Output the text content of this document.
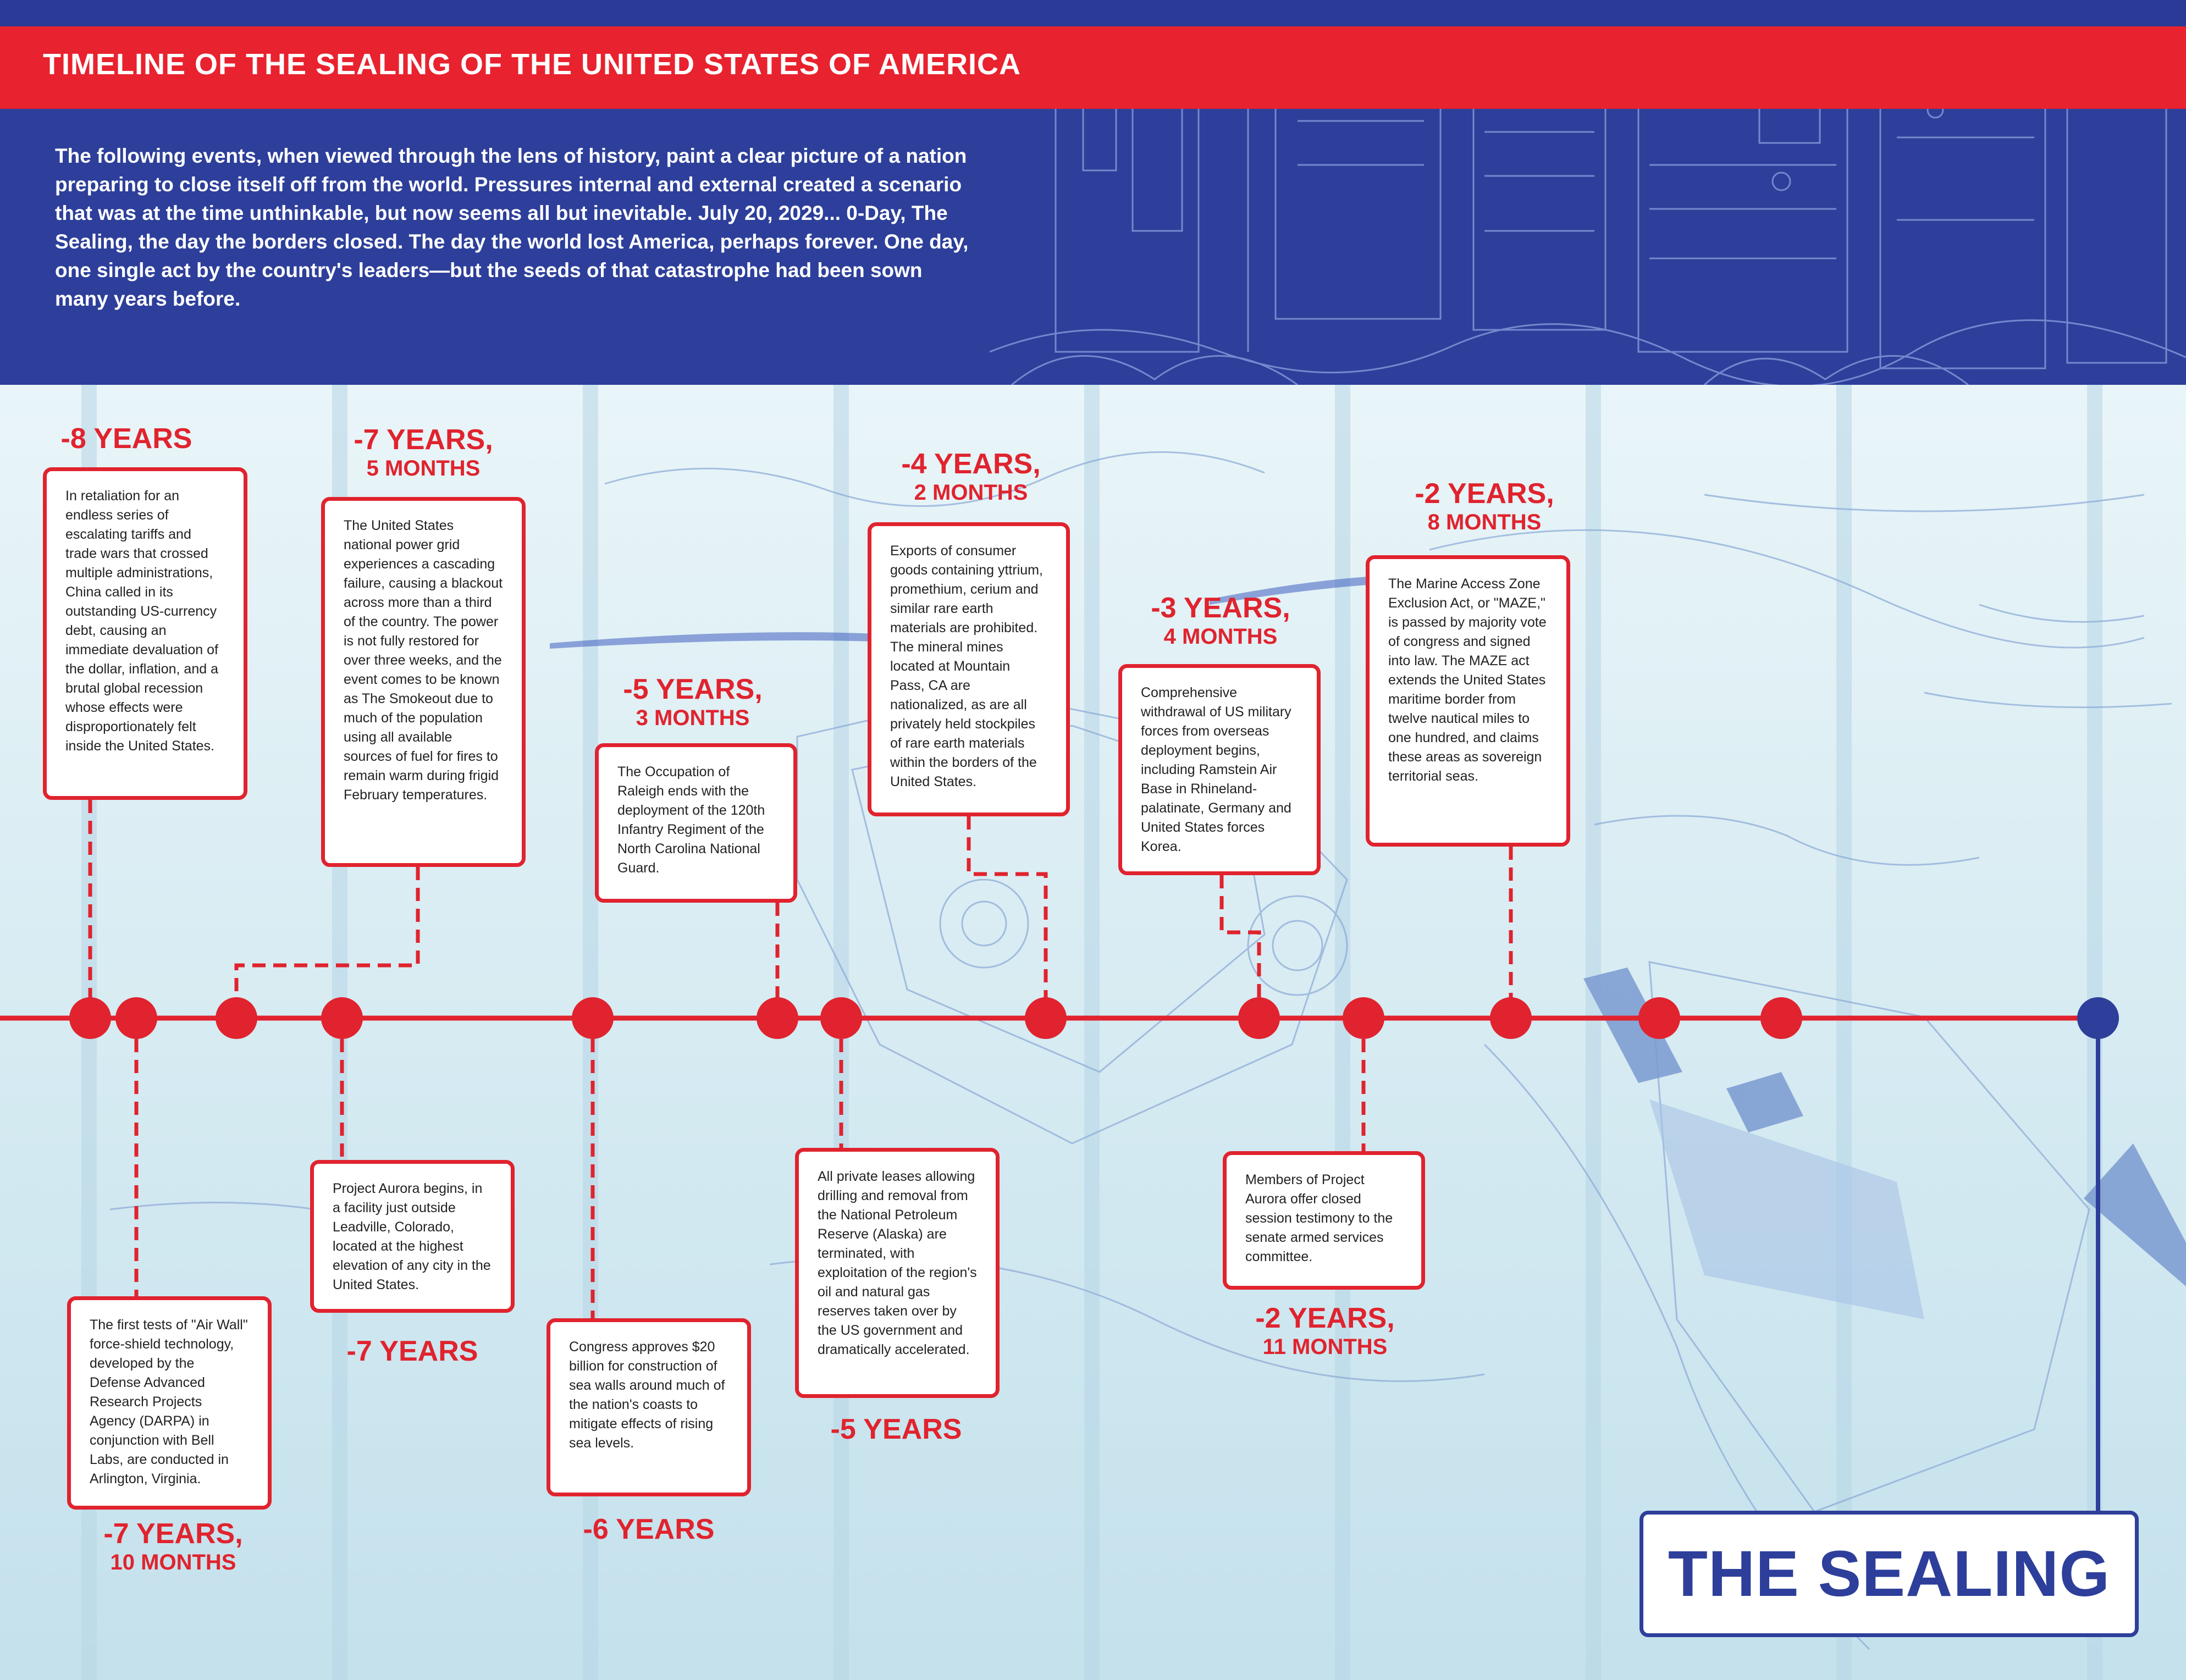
TIMELINE OF THE SEALING OF THE UNITED STATES OF AMERICA
The following events, when viewed through the lens of history, paint a clear picture of a nation preparing to close itself off from the world. Pressures internal and external created a scenario that was at the time unthinkable, but now seems all but inevitable. July 20, 2029... 0-Day, The Sealing, the day the borders closed. The day the world lost America, perhaps forever. One day, one single act by the country's leaders—but the seeds of that catastrophe had been sown many years before.
-8 YEARS
In retaliation for an endless series of escalating tariffs and trade wars that crossed multiple administrations, China called in its outstanding US-currency debt, causing an immediate devaluation of the dollar, inflation, and a brutal global recession whose effects were disproportionately felt inside the United States.
The first tests of "Air Wall" force-shield technology, developed by the Defense Advanced Research Projects Agency (DARPA) in conjunction with Bell Labs, are conducted in Arlington, Virginia.
-7 YEARS,
10 MONTHS
-7 YEARS,
5 MONTHS
The United States national power grid experiences a cascading failure, causing a blackout across more than a third of the country. The power is not fully restored for over three weeks, and the event comes to be known as The Smokeout due to much of the population using all available sources of fuel for fires to remain warm during frigid February temperatures.
Project Aurora begins, in a facility just outside Leadville, Colorado, located at the highest elevation of any city in the United States.
-7 YEARS	Congress approves $20 billion for construction of sea walls around much of the nation's coasts to mitigate effects of rising sea levels.
-6 YEARS
-5 YEARS,
3 MONTHS
The Occupation of Raleigh ends with the deployment of the 120th Infantry Regiment of the North Carolina National Guard.
All private leases allowing drilling and removal from the National Petroleum Reserve (Alaska) are terminated, with exploitation of the region's oil and natural gas reserves taken over by the US government and dramatically accelerated.
-5 YEARS
-4 YEARS,
2 MONTHS
Exports of consumer goods containing yttrium, promethium, cerium and similar rare earth materials are prohibited. The mineral mines located at Mountain Pass, CA are nationalized, as are all privately held stockpiles of rare earth materials within the borders of the United States.
-3 YEARS,
4 MONTHS
Comprehensive withdrawal of US military forces from overseas deployment begins, including Ramstein Air Base in Rhineland-palatinate, Germany and United States forces Korea.
Members of Project Aurora offer closed session testimony to the senate armed services committee.
-2 YEARS,
11 MONTHS
-2 YEARS,
8 MONTHS
The Marine Access Zone Exclusion Act, or "MAZE," is passed by majority vote of congress and signed into law. The MAZE act extends the United States maritime border from twelve nautical miles to one hundred, and claims these areas as sovereign territorial seas.
THE SEALING
